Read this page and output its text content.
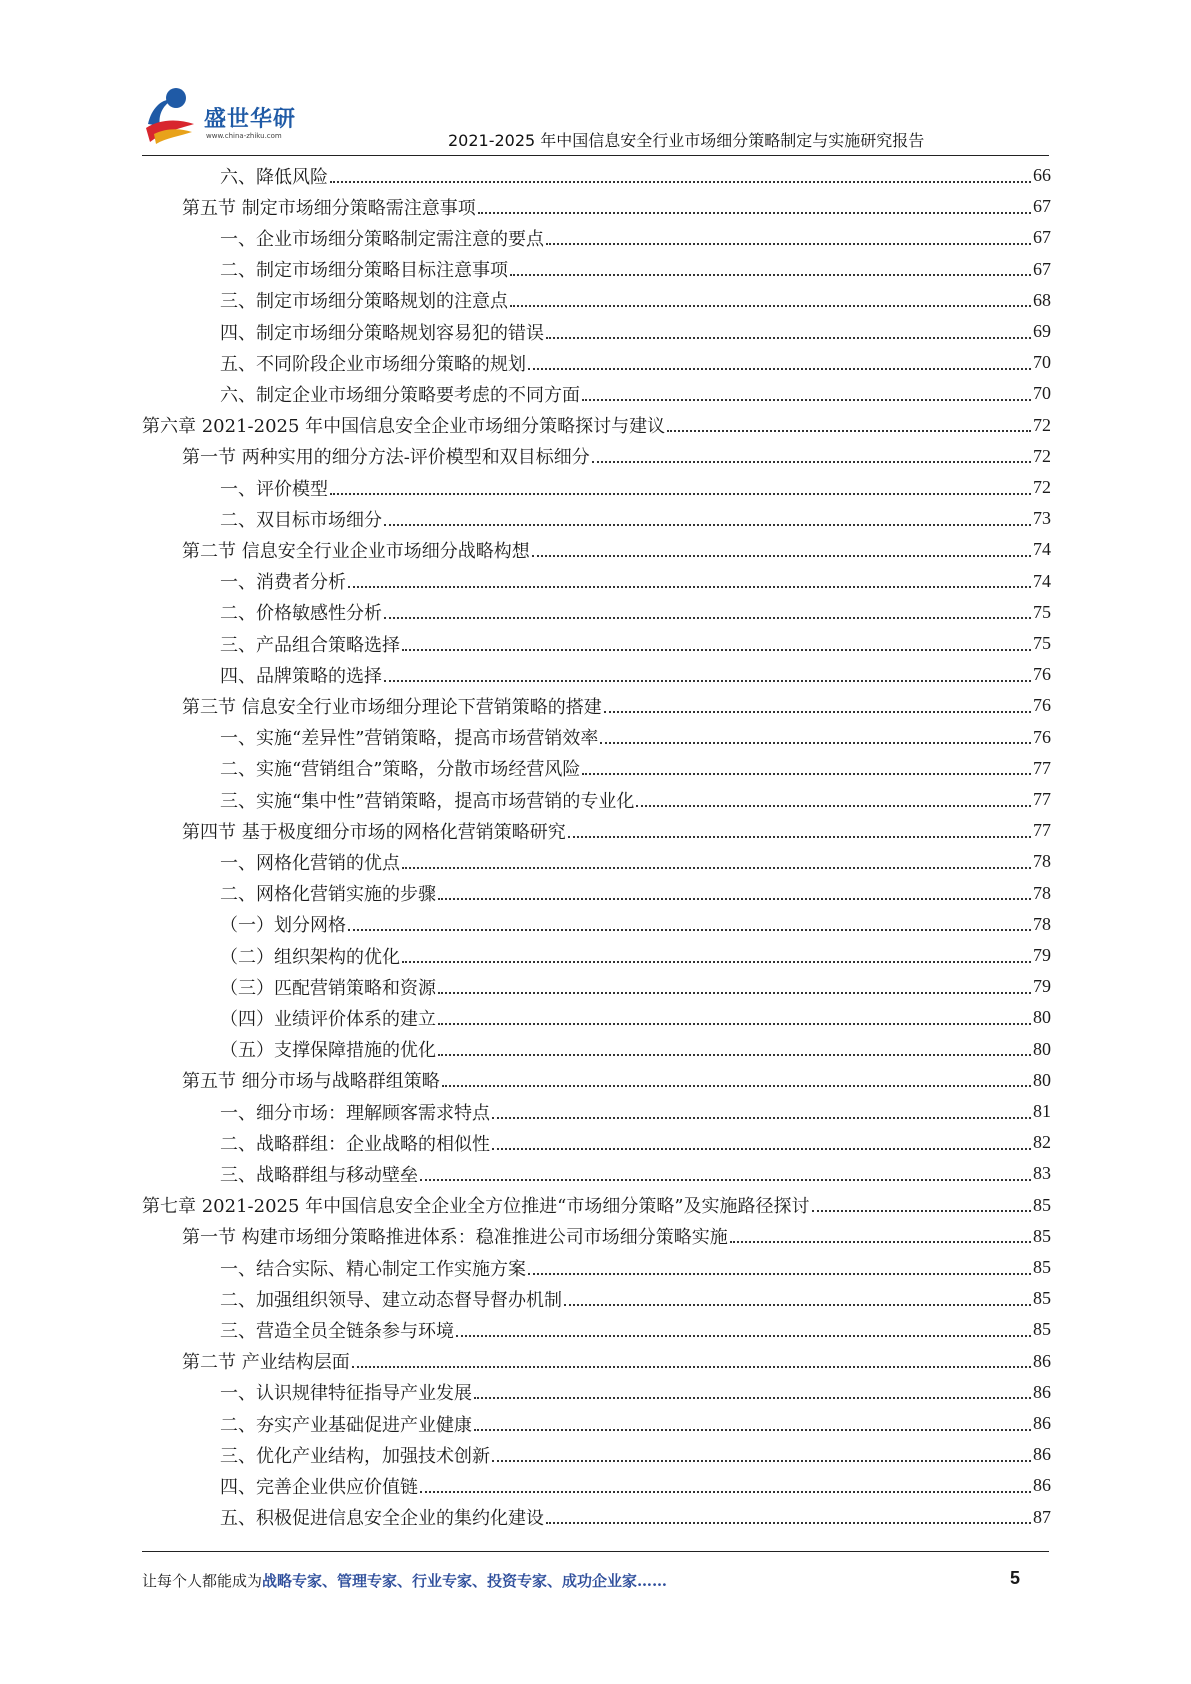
盛世华研
www.china-zhiku.com	2021-2025 年中国信息安全行业市场细分策略制定与实施研究报告
六、降低风险	66
第五节 制定市场细分策略需注意事项	67
一、企业市场细分策略制定需注意的要点	67
二、制定市场细分策略目标注意事项	67
三、制定市场细分策略规划的注意点	68
四、制定市场细分策略规划容易犯的错误	69
五、不同阶段企业市场细分策略的规划	70
六、制定企业市场细分策略要考虑的不同方面	70
第六章 2021-2025 年中国信息安全企业市场细分策略探讨与建议	72
第一节 两种实用的细分方法-评价模型和双目标细分	72
一、评价模型	72
二、双目标市场细分	73
第二节 信息安全行业企业市场细分战略构想	74
一、消费者分析	74
二、价格敏感性分析	75
三、产品组合策略选择	75
四、品牌策略的选择	76
第三节 信息安全行业市场细分理论下营销策略的搭建	76
一、实施“差异性”营销策略，提高市场营销效率	76
二、实施“营销组合”策略，分散市场经营风险	77
三、实施“集中性”营销策略，提高市场营销的专业化	77
第四节 基于极度细分市场的网格化营销策略研究	77
一、网格化营销的优点	78
二、网格化营销实施的步骤	78
（一）划分网格	78
（二）组织架构的优化	79
（三）匹配营销策略和资源	79
（四）业绩评价体系的建立	80
（五）支撑保障措施的优化	80
第五节 细分市场与战略群组策略	80
一、细分市场：理解顾客需求特点	81
二、战略群组：企业战略的相似性	82
三、战略群组与移动壁垒	83
第七章 2021-2025 年中国信息安全企业全方位推进“市场细分策略”及实施路径探讨	85
第一节 构建市场细分策略推进体系：稳准推进公司市场细分策略实施	85
一、结合实际、精心制定工作实施方案	85
二、加强组织领导、建立动态督导督办机制	85
三、营造全员全链条参与环境	85
第二节 产业结构层面	86
一、认识规律特征指导产业发展	86
二、夯实产业基础促进产业健康	86
三、优化产业结构，加强技术创新	86
四、完善企业供应价值链	86
五、积极促进信息安全企业的集约化建设	87
让每个人都能成为战略专家、管理专家、行业专家、投资专家、成功企业家……	5
